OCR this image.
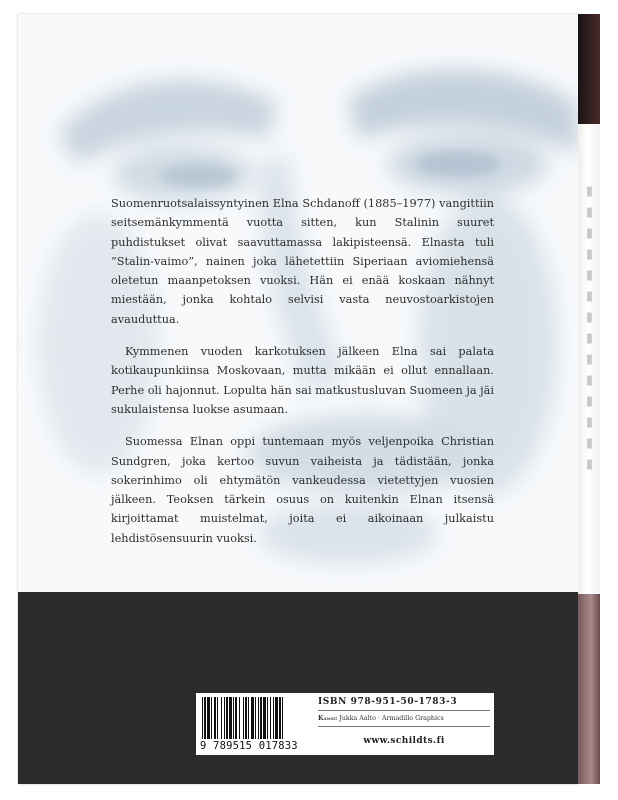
Suomenruotsalaissyntyinen Elna Schdanoff (1885–1977) vangittiin seitsemänkymmentä vuotta sitten, kun Stalinin suuret puhdistukset olivat saavuttamassa lakipisteensä. Elnasta tuli ”Stalin-vaimo”, nainen joka lähetettiin Siperiaan aviomiehensä oletetun maanpetoksen vuoksi. Hän ei enää koskaan nähnyt miestään, jonka kohtalo selvisi vasta neuvostoarkistojen avauduttua.

Kymmenen vuoden karkotuksen jälkeen Elna sai palata kotikaupunkiinsa Moskovaan, mutta mikään ei ollut ennallaan. Perhe oli hajonnut. Lopulta hän sai matkustusluvan Suomeen ja jäi sukulaistensa luokse asumaan.

Suomessa Elnan oppi tuntemaan myös veljenpoika Christian Sundgren, joka kertoo suvun vaiheista ja tädistään, jonka sokerinhimo oli ehtymätön vankeudessa vietettyjen vuosien jälkeen. Teoksen tärkein osuus on kuitenkin Elnan itsensä kirjoittamat muistelmat, joita ei aikoinaan julkaistu lehdistösensuurin vuoksi.

▮▮▮▮▮▮▮▮▮▮▮▮▮▮
9 789515 017833
ISBN 978-951-50-1783-3
Kansi: Jukka Aalto · Armadillo Graphics
www.schildts.fi
